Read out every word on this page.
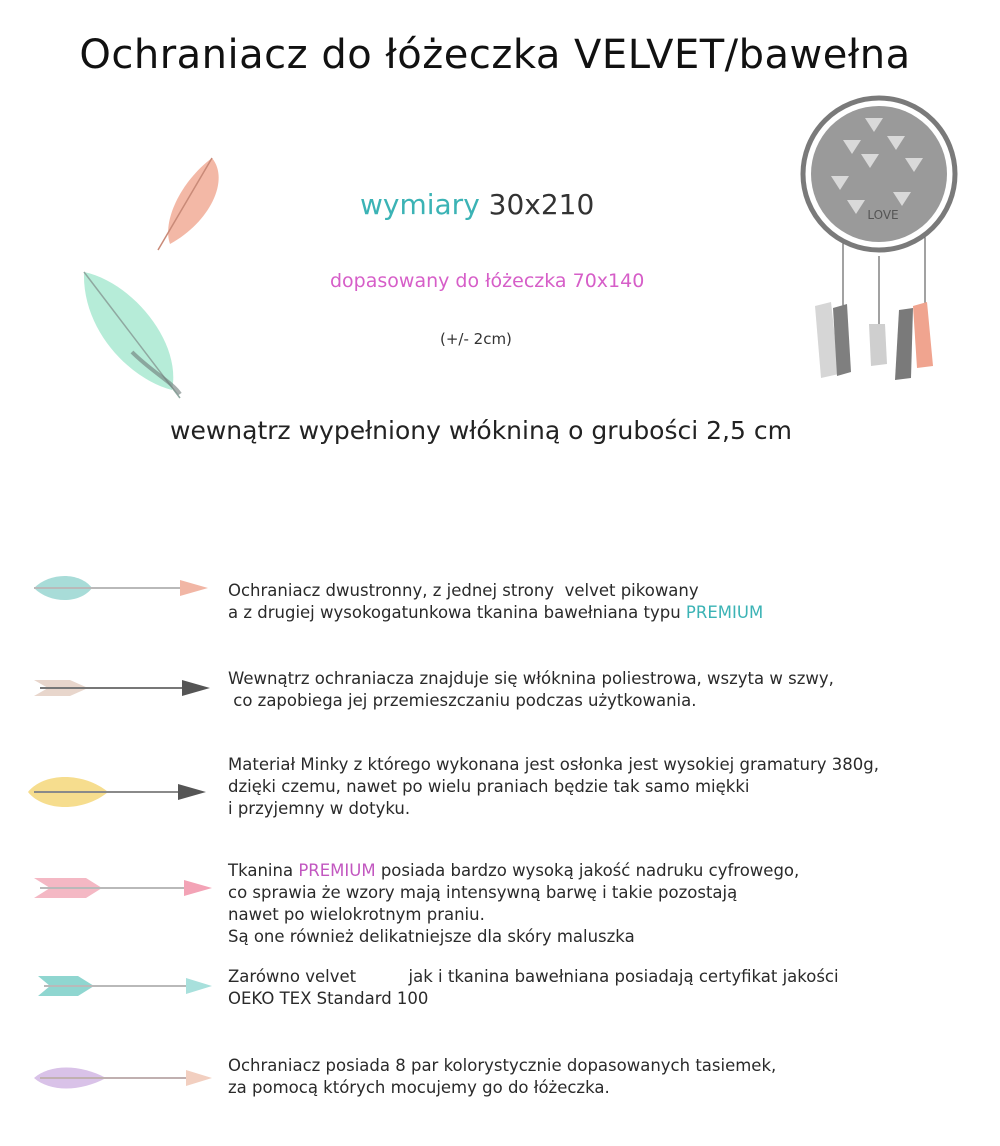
Ochraniacz do łóżeczka VELVET/bawełna
wymiary 30x210
dopasowany do łóżeczka 70x140
(+/- 2cm)
wewnątrz wypełniony włókniną o grubości 2,5 cm
LOVE
Ochraniacz dwustronny, z jednej strony  velvet pikowany
a z drugiej wysokogatunkowa tkanina bawełniana typu PREMIUM
Wewnątrz ochraniacza znajduje się włóknina poliestrowa, wszyta w szwy,
co zapobiega jej przemieszczaniu podczas użytkowania.
Materiał Minky z którego wykonana jest osłonka jest wysokiej gramatury 380g,
dzięki czemu, nawet po wielu praniach będzie tak samo miękki
i przyjemny w dotyku.
Tkanina PREMIUM posiada bardzo wysoką jakość nadruku cyfrowego,
co sprawia że wzory mają intensywną barwę i takie pozostają
nawet po wielokrotnym praniu.
Są one również delikatniejsze dla skóry maluszka
Zarówno velvet          jak i tkanina bawełniana posiadają certyfikat jakości
OEKO TEX Standard 100
Ochraniacz posiada 8 par kolorystycznie dopasowanych tasiemek,
za pomocą których mocujemy go do łóżeczka.
